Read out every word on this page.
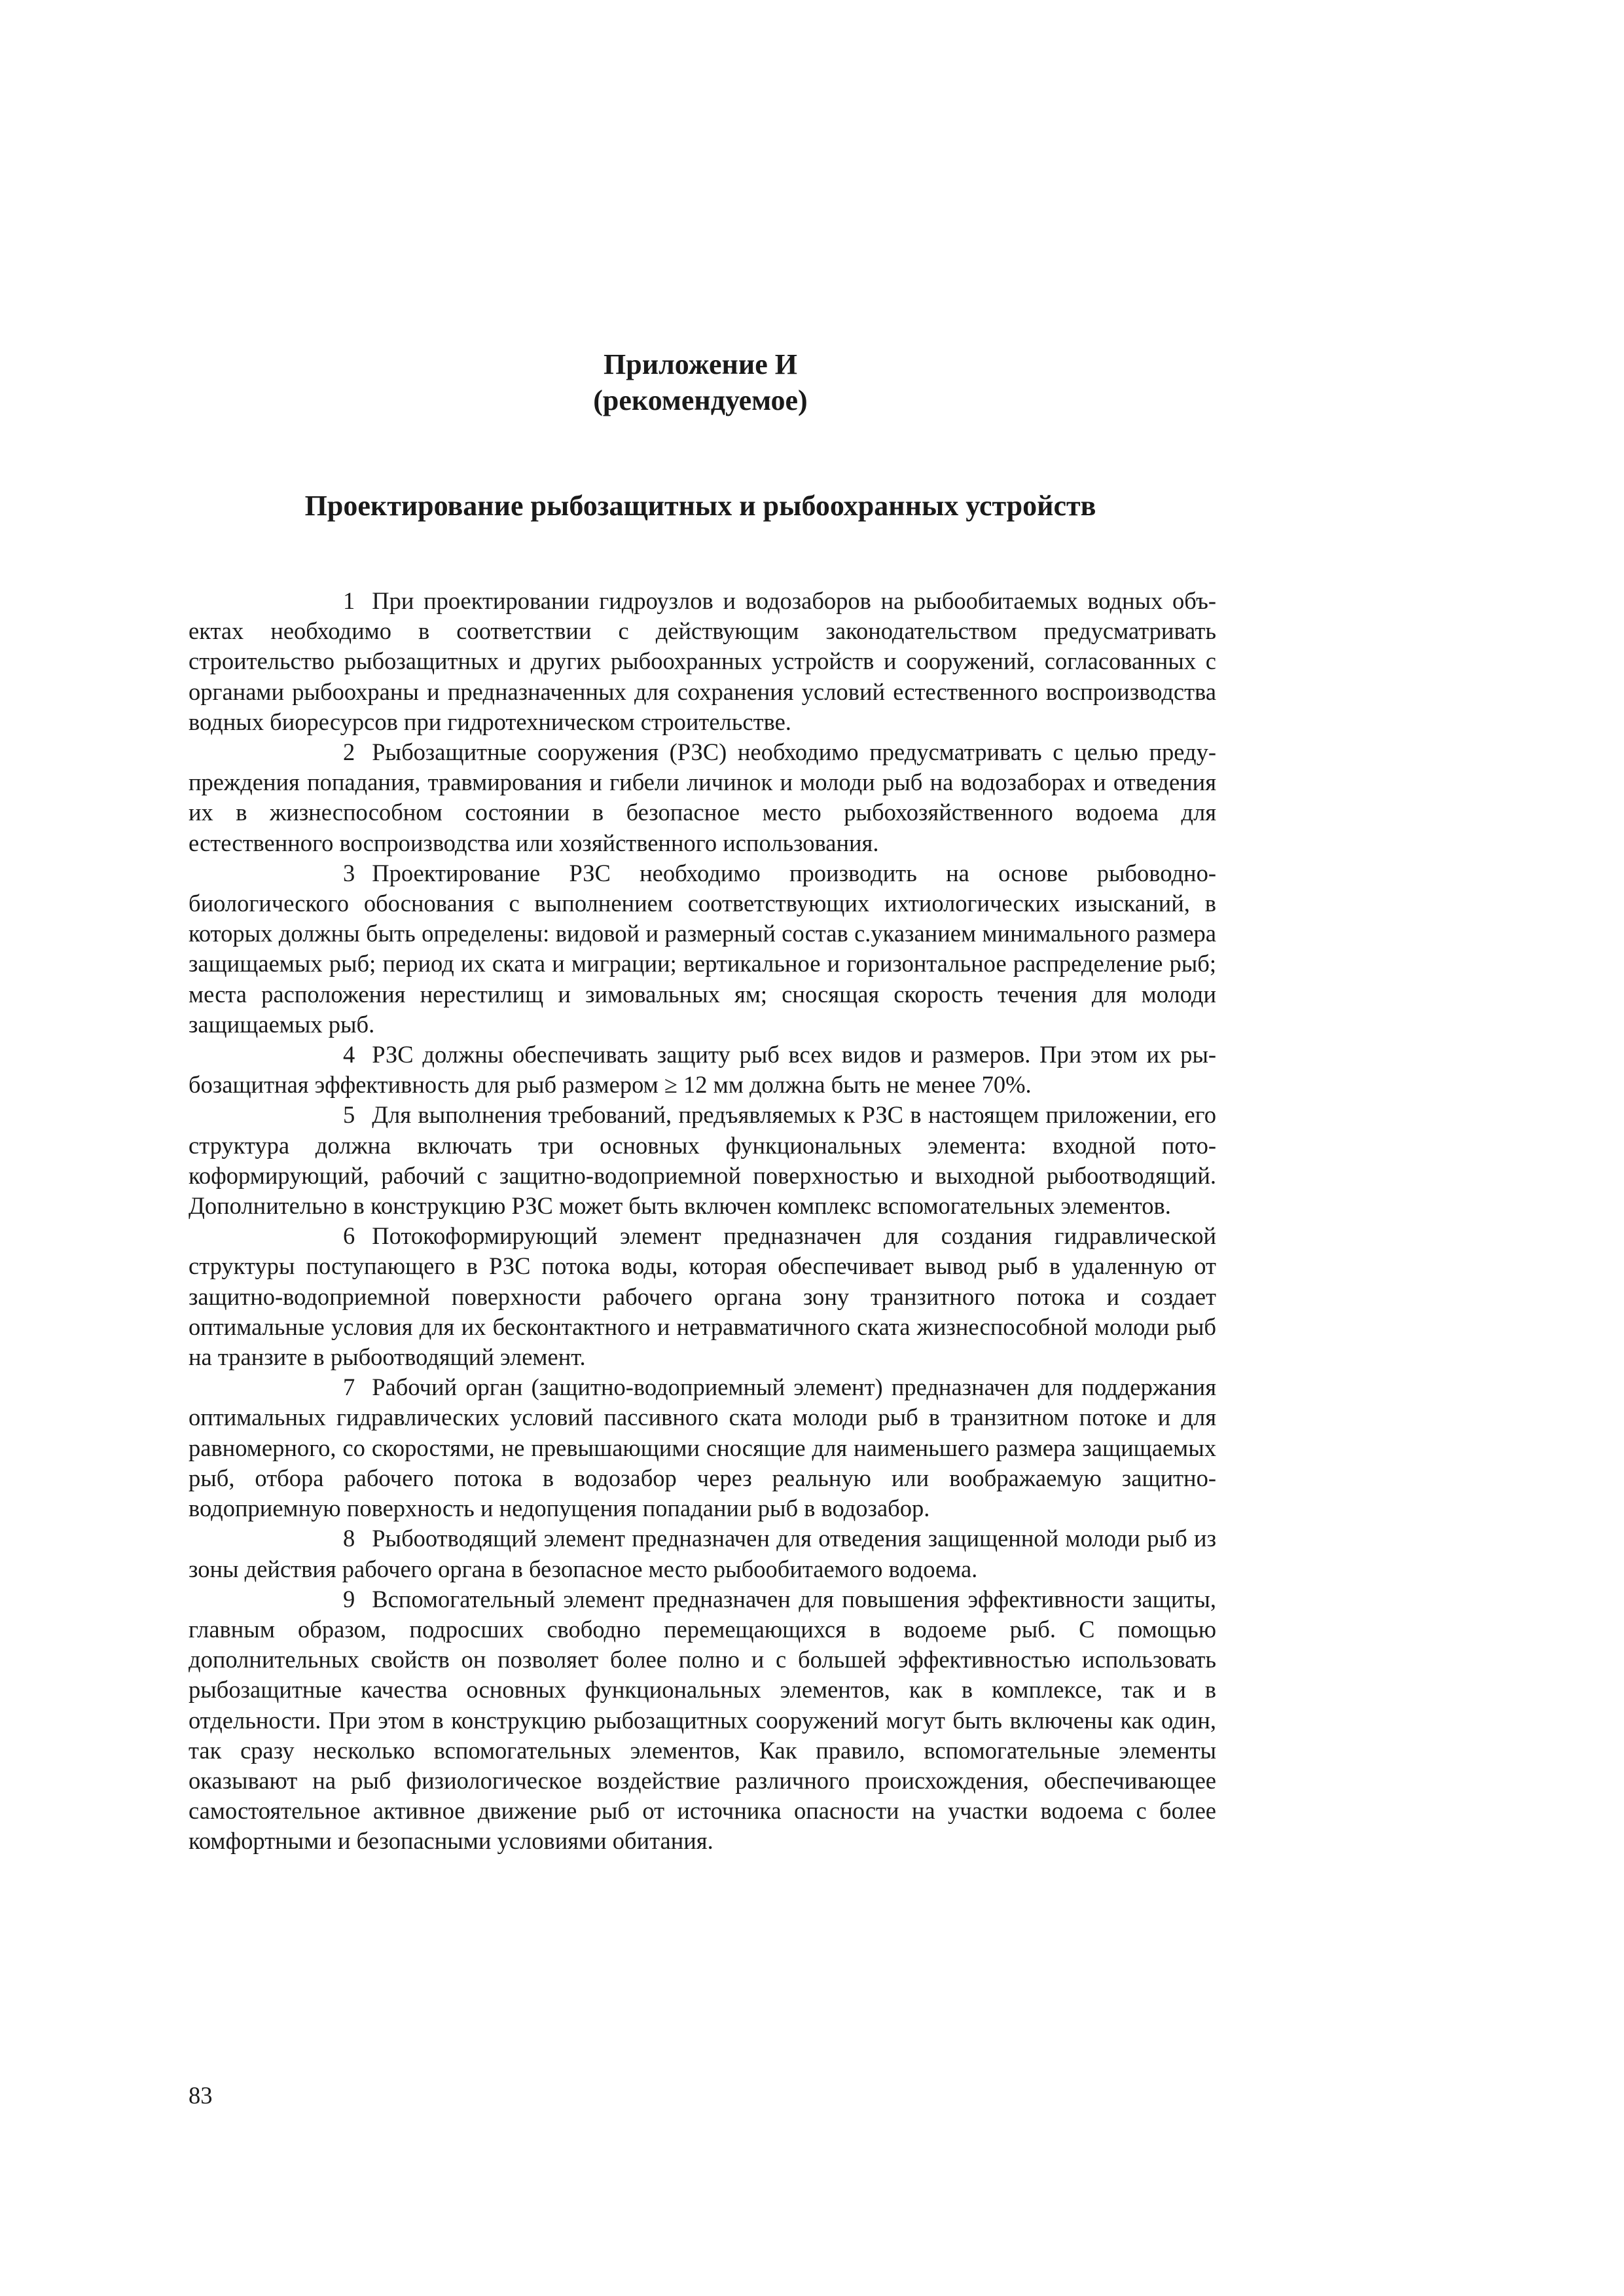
Приложение И
(рекомендуемое)
Проектирование рыбозащитных и рыбоохранных устройств

1 При проектировании гидроузлов и водозаборов на рыбообитаемых водных объектах необходимо в соответствии с действующим законодательством предусматривать строительство рыбозащитных и других рыбоохранных устройств и сооружений, согласованных с органами рыбоохраны и предназначенных для сохранения условий естественного воспроизводства водных биоресурсов при гидротехническом строительстве.

2 Рыбозащитные сооружения (РЗС) необходимо предусматривать с целью предупреждения попадания, травмирования и гибели личинок и молоди рыб на водозаборах и отведения их в жизнеспособном состоянии в безопасное место рыбохозяйственного водоема для естественного воспроизводства или хозяйственного использования.

3 Проектирование РЗС необходимо производить на основе рыбоводно-биологического обоснования с выполнением соответствующих ихтиологических изысканий, в которых должны быть определены: видовой и размерный состав с.указанием минимального размера защищаемых рыб; период их ската и миграции; вертикальное и горизонтальное распределение рыб; места расположения нерестилищ и зимовальных ям; сносящая скорость течения для молоди защищаемых рыб.

4 РЗС должны обеспечивать защиту рыб всех видов и размеров. При этом их рыбозащитная эффективность для рыб размером ≥ 12 мм должна быть не менее 70%.

5 Для выполнения требований, предъявляемых к РЗС в настоящем приложении, его структура должна включать три основных функциональных элемента: входной потокоформирующий, рабочий с защитно-водоприемной поверхностью и выходной рыбоотводящий. Дополнительно в конструкцию РЗС может быть включен комплекс вспомогательных элементов.

6 Потокоформирующий элемент предназначен для создания гидравлической структуры поступающего в РЗС потока воды, которая обеспечивает вывод рыб в удаленную от защитно-водоприемной поверхности рабочего органа зону транзитного потока и создает оптимальные условия для их бесконтактного и нетравматичного ската жизнеспособной молоди рыб на транзите в рыбоотводящий элемент.

7 Рабочий орган (защитно-водоприемный элемент) предназначен для поддержания оптимальных гидравлических условий пассивного ската молоди рыб в транзитном потоке и для равномерного, со скоростями, не превышающими сносящие для наименьшего размера защищаемых рыб, отбора рабочего потока в водозабор через реальную или воображаемую защитно-водоприемную поверхность и недопущения попадании рыб в водозабор.

8 Рыбоотводящий элемент предназначен для отведения защищенной молоди рыб из зоны действия рабочего органа в безопасное место рыбообитаемого водоема.

9 Вспомогательный элемент предназначен для повышения эффективности защиты, главным образом, подросших свободно перемещающихся в водоеме рыб. С помощью дополнительных свойств он позволяет более полно и с большей эффективностью использовать рыбозащитные качества основных функциональных элементов, как в комплексе, так и в отдельности. При этом в конструкцию рыбозащитных сооружений могут быть включены как один, так сразу несколько вспомогательных элементов, Как правило, вспомогательные элементы оказывают на рыб физиологическое воздействие различного происхождения, обеспечивающее самостоятельное активное движение рыб от источника опасности на участки водоема с более комфортными и безопасными условиями обитания.

83
